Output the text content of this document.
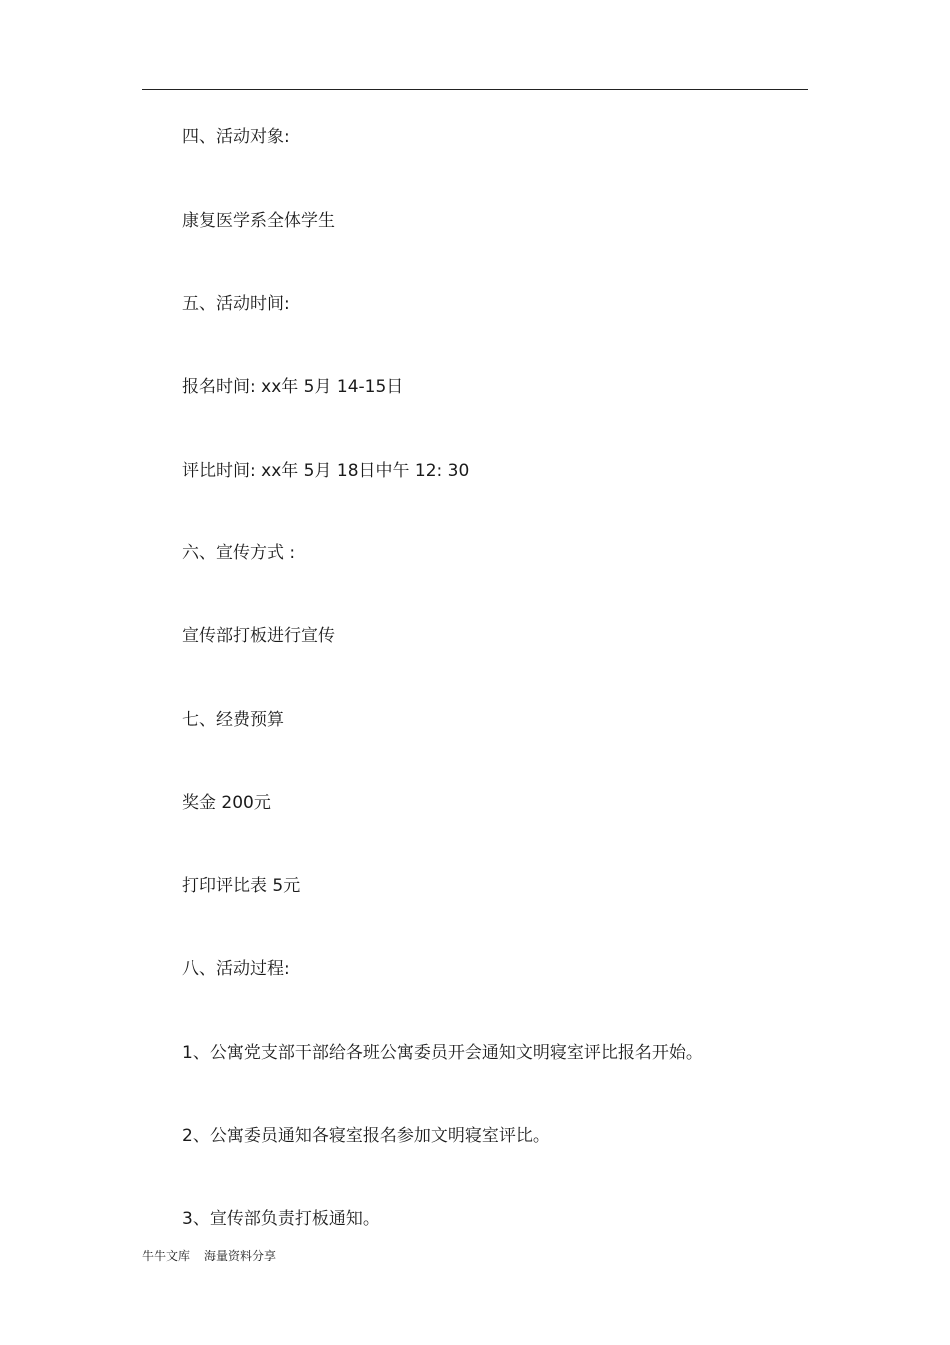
四、活动对象:
康复医学系全体学生
五、活动时间:
报名时间: xx年 5月 14-15日
评比时间: xx年 5月 18日中午 12: 30
六、宣传方式 :
宣传部打板进行宣传
七、经费预算
奖金 200元
打印评比表 5元
八、活动过程:
1、公寓党支部干部给各班公寓委员开会通知文明寝室评比报名开始。
2、公寓委员通知各寝室报名参加文明寝室评比。
3、宣传部负责打板通知。
牛牛文库 海量资料分享
